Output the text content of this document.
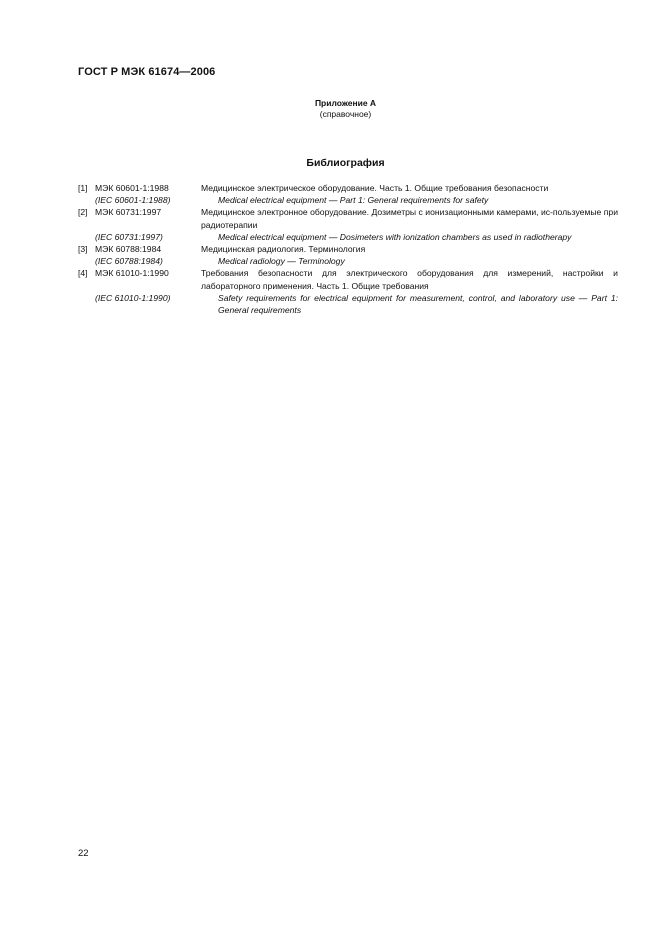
ГОСТ Р МЭК 61674—2006
Приложение А
(справочное)
Библиография
[1] МЭК 60601-1:1988	Медицинское электрическое оборудование. Часть 1. Общие требования безопасности
(IEC 60601-1:1988)	Medical electrical equipment — Part 1: General requirements for safety
[2] МЭК 60731:1997	Медицинское электронное оборудование. Дозиметры с ионизационными камерами, ис-пользуемые при радиотерапии
(IEC 60731:1997)	Medical electrical equipment — Dosimeters with ionization chambers as used in radiotherapy
[3] МЭК 60788:1984	Медицинская радиология. Терминология
(IEC 60788:1984)	Medical radiology — Terminology
[4] МЭК 61010-1:1990	Требования безопасности для электрического оборудования для измерений, настройки и лабораторного применения. Часть 1. Общие требования
(IEC 61010-1:1990)	Safety requirements for electrical equipment for measurement, control, and laboratory use — Part 1: General requirements
22
